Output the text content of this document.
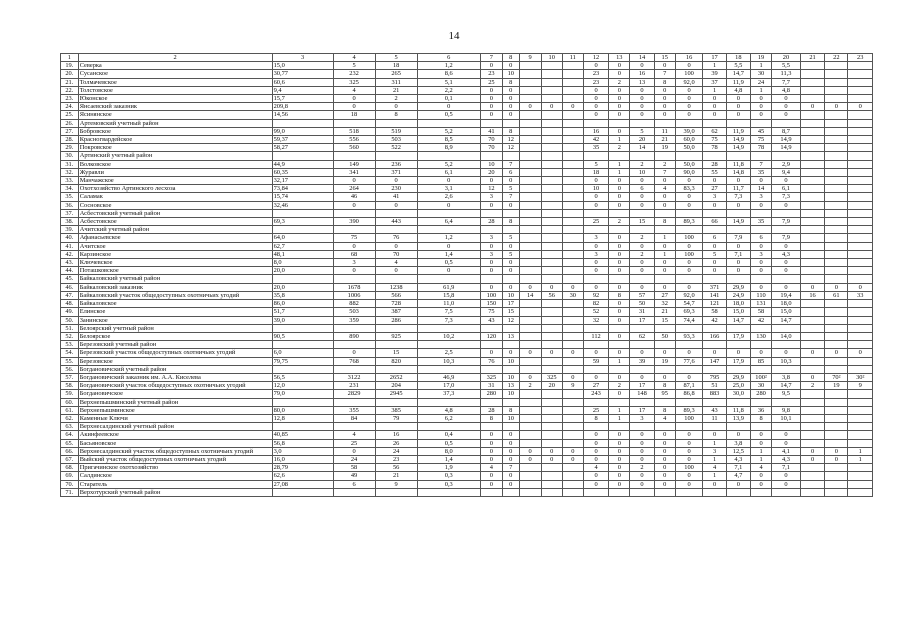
14
1	2	3	4	5	6	7	8	9	10	11	12	13	14	15	16	17	18	19	20	21	22	23
19.	Северка	15,0	5	18	1,2	0	0				0	0	0	0	0	1	5,5	1	5,5			
20.	Сусанское	30,77	232	265	8,6	23	10				23	0	16	7	100	39	14,7	30	11,3			
21.	Толмачевское	60,6	325	311	5,1	25	8				23	2	13	8	92,0	37	11,9	24	7,7			
22.	Толстовское	9,4	4	21	2,2	0	0				0	0	0	0	0	1	4,8	1	4,8			
23.	Юконское	15,7	0	2	0,1	0	0				0	0	0	0	0	0	0	0	0			
24.	Янсаевский заказник	209,8	0	0	0	0	0	0	0	0	0	0	0	0	0	0	0	0	0	0	0	0
25.	Ясинянское	14,56	18	8	0,5	0	0				0	0	0	0	0	0	0	0	0			
26.	Артемовский учетный район																					
27.	Бобровское	99,0	518	519	5,2	41	8				16	0	5	11	39,0	62	11,9	45	8,7			
28.	Красногвардейское	59,37	556	503	8,5	70	12				42	1	20	21	60,0	75	14,9	75	14,9			
29.	Покровское	58,27	560	522	8,9	70	12				35	2	14	19	50,0	78	14,9	78	14,9			
30.	Артинский учетный район																					
31.	Волковское	44,9	149	236	5,2	10	7				5	1	2	2	50,0	28	11,8	7	2,9			
32.	Журавли	60,35	341	371	6,1	20	6				18	1	10	7	90,0	55	14,8	35	9,4			
33.	Манчажское	32,17	0	0	0	0	0				0	0	0	0	0	0	0	0	0			
34.	Охотхозяйство Артинского лесхоза	73,84	264	230	3,1	12	5				10	0	6	4	83,3	27	11,7	14	6,1			
35.	Саламак	15,74	46	41	2,6	3	7				0	0	0	0	0	3	7,3	3	7,3			
36.	Сосновское	32,46	0	0	0	0	0				0	0	0	0	0	0	0	0	0			
37.	Асбестовский учетный район																					
38.	Асбестовское	69,3	390	443	6,4	28	8				25	2	15	8	89,3	66	14,9	35	7,9			
39.	Ачитский учетный район																					
40.	Афанасьевское	64,0	75	76	1,2	3	5				3	0	2	1	100	6	7,9	6	7,9			
41.	Ачитское	62,7	0	0	0	0	0				0	0	0	0	0	0	0	0	0			
42.	Карзинское	48,1	68	70	1,4	3	5				3	0	2	1	100	5	7,1	3	4,3			
43.	Ключевское	8,0	3	4	0,5	0	0				0	0	0	0	0	0	0	0	0			
44.	Поташковское	20,0	0	0	0	0	0				0	0	0	0	0	0	0	0	0			
45.	Байкаловский учетный район																					
46.	Байкаловский заказник	20,0	1678	1238	61,9	0	0	0	0	0	0	0	0	0	0	371	29,9	0	0	0	0	0
47.	Байкаловский участок общедоступных охотничьих угодий	35,8	1006	566	15,8	100	10	14	56	30	92	8	57	27	92,0	141	24,9	110	19,4	16	61	33
48.	Байкаловское	86,0	882	728	11,0	150	17				82	0	50	32	54,7	121	18,0	131	18,0			
49.	Елинское	51,7	503	387	7,5	75	15				52	0	31	21	69,3	58	15,0	58	15,0			
50.	Занинское	39,0	359	286	7,3	43	12				32	0	17	15	74,4	42	14,7	42	14,7			
51.	Белоярский учетный район																					
52.	Белоярское	90,5	890	925	10,2	120	13				112	0	62	50	93,3	166	17,9	130	14,0			
53.	Березовский учетный район																					
54.	Березовский участок общедоступных охотничьих угодий	6,0	0	15	2,5	0	0	0	0	0	0	0	0	0	0	0	0	0	0	0	0	0
55.	Березовское	79,75	768	820	10,3	76	10				59	1	39	19	77,6	147	17,9	85	10,3			
56.	Богдановичский учетный район																					
57.	Богдановичский заказник им. А.А. Киселева	56,5	3122	2652	46,9	325	10	0	325	0	0	0	0	0	0	795	29,9	100²	3,8	0	70²	30²
58.	Богдановичский участок общедоступных охотничьих угодий	12,0	231	204	17,0	31	13	2	20	9	27	2	17	8	87,1	51	25,0	30	14,7	2	19	9
59.	Богдановичское	79,0	2829	2945	37,3	280	10				243	0	148	95	86,8	883	30,0	280	9,5			
60.	Верхнепышминский учетный район																					
61.	Верхнепышминское	80,0	355	385	4,8	28	8				25	1	17	8	89,3	43	11,8	36	9,8			
62.	Каменные Ключи	12,8	84	79	6,2	8	10				8	1	3	4	100	11	13,9	8	10,1			
63.	Верхнесалдинский учетный район																					
64.	Акинфеевское	40,85	4	16	0,4	0	0				0	0	0	0	0	0	0	0	0			
65.	Басьяновское	56,8	25	26	0,5	0	0				0	0	0	0	0	1	3,8	0	0			
66.	Верхнесалдинский участок общедоступных охотничьих угодий	3,0	0	24	8,0	0	0	0	0	0	0	0	0	0	0	3	12,5	1	4,1	0	0	1
67.	Выйский участок общедоступных охотничьих угодий	16,0	24	23	1,4	0	0	0	0	0	0	0	0	0	0	1	4,3	1	4,3	0	0	1
68.	Пригачинское охотхозяйство	28,79	58	56	1,9	4	7				4	0	2	0	100	4	7,1	4	7,1			
69.	Салдинское	62,6	49	21	0,3	0	0				0	0	0	0	0	1	4,7	0	0			
70.	Старатель	27,08	6	9	0,3	0	0				0	0	0	0	0	0	0	0	0			
71.	Верхотурский учетный район																					
